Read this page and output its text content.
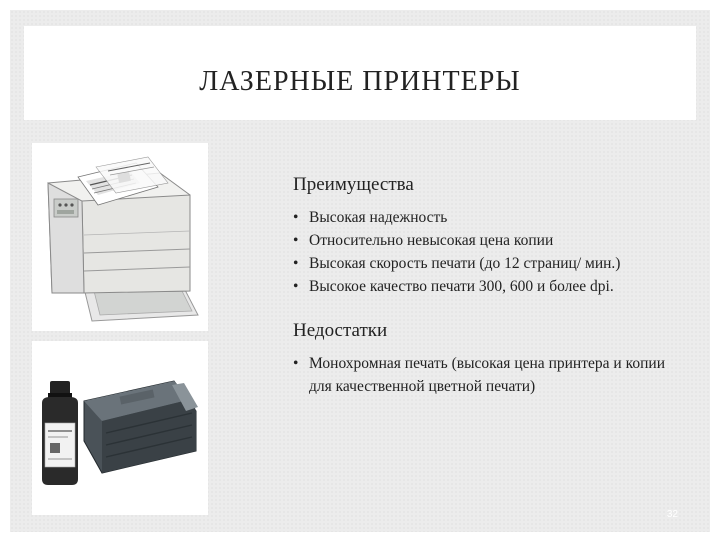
ЛАЗЕРНЫЕ ПРИНТЕРЫ
Преимущества
• Высокая надежность
• Относительно невысокая цена копии
• Высокая скорость печати (до 12 страниц/ мин.)
• Высокое качество печати 300, 600 и более dpi.
Недостатки
• Монохромная печать (высокая цена принтера и копии для качественной цветной печати)
32
